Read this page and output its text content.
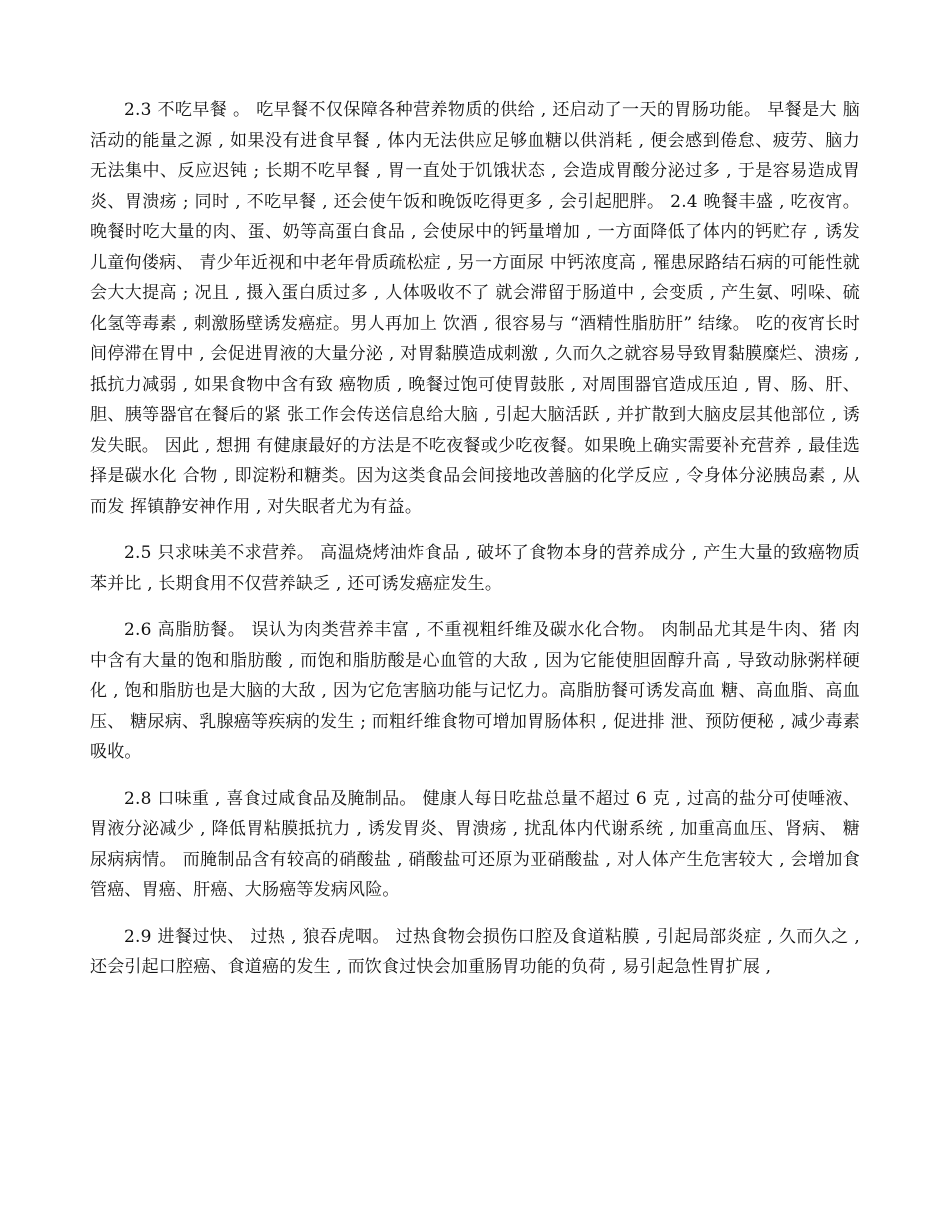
2.3 不吃早餐 。 吃早餐不仅保障各种营养物质的供给 , 还启动了一天的胃肠功能。 早餐是大 脑活动的能量之源 , 如果没有进食早餐 , 体内无法供应足够血糖以供消耗 , 便会感到倦怠、疲劳、脑力无法集中、反应迟钝 ; 长期不吃早餐 , 胃一直处于饥饿状态 , 会造成胃酸分泌过多 , 于是容易造成胃炎、胃溃疡 ; 同时 , 不吃早餐 , 还会使午饭和晚饭吃得更多 , 会引起肥胖。 2.4 晚餐丰盛 , 吃夜宵。 晚餐时吃大量的肉、蛋、奶等高蛋白食品 , 会使尿中的钙量增加 , 一方面降低了体内的钙贮存 , 诱发儿童佝偻病、 青少年近视和中老年骨质疏松症 , 另一方面尿 中钙浓度高 , 罹患尿路结石病的可能性就会大大提高 ; 况且 , 摄入蛋白质过多 , 人体吸收不了 就会滞留于肠道中 , 会变质 , 产生氨、吲哚、硫化氢等毒素 , 刺激肠壁诱发癌症。男人再加上 饮酒 , 很容易与 “酒精性脂肪肝” 结缘。 吃的夜宵长时间停滞在胃中 , 会促进胃液的大量分泌 , 对胃黏膜造成刺激 , 久而久之就容易导致胃黏膜糜烂、溃疡 , 抵抗力减弱 , 如果食物中含有致 癌物质 , 晚餐过饱可使胃鼓胀 , 对周围器官造成压迫 , 胃、肠、肝、胆、胰等器官在餐后的紧 张工作会传送信息给大脑 , 引起大脑活跃 , 并扩散到大脑皮层其他部位 , 诱发失眠。 因此 , 想拥 有健康最好的方法是不吃夜餐或少吃夜餐。如果晚上确实需要补充营养 , 最佳选择是碳水化 合物 , 即淀粉和糖类。因为这类食品会间接地改善脑的化学反应 , 令身体分泌胰岛素 , 从而发 挥镇静安神作用 , 对失眠者尤为有益。

2.5 只求味美不求营养。 高温烧烤油炸食品 , 破坏了食物本身的营养成分 , 产生大量的致癌物质苯并比 , 长期食用不仅营养缺乏 , 还可诱发癌症发生。

2.6 高脂肪餐。 误认为肉类营养丰富 , 不重视粗纤维及碳水化合物。 肉制品尤其是牛肉、猪 肉中含有大量的饱和脂肪酸 , 而饱和脂肪酸是心血管的大敌 , 因为它能使胆固醇升高 , 导致动脉粥样硬化 , 饱和脂肪也是大脑的大敌 , 因为它危害脑功能与记忆力。高脂肪餐可诱发高血 糖、高血脂、高血压、 糖尿病、乳腺癌等疾病的发生 ; 而粗纤维食物可增加胃肠体积 , 促进排 泄、预防便秘 , 减少毒素吸收。

2.8 口味重 , 喜食过咸食品及腌制品。 健康人每日吃盐总量不超过 6 克 , 过高的盐分可使唾液、胃液分泌减少 , 降低胃粘膜抵抗力 , 诱发胃炎、胃溃疡 , 扰乱体内代谢系统 , 加重高血压、肾病、 糖尿病病情。 而腌制品含有较高的硝酸盐 , 硝酸盐可还原为亚硝酸盐 , 对人体产生危害较大 , 会增加食管癌、胃癌、肝癌、大肠癌等发病风险。

2.9 进餐过快、 过热 , 狼吞虎咽。 过热食物会损伤口腔及食道粘膜 , 引起局部炎症 , 久而久之 , 还会引起口腔癌、食道癌的发生 , 而饮食过快会加重肠胃功能的负荷 , 易引起急性胃扩展 ,
